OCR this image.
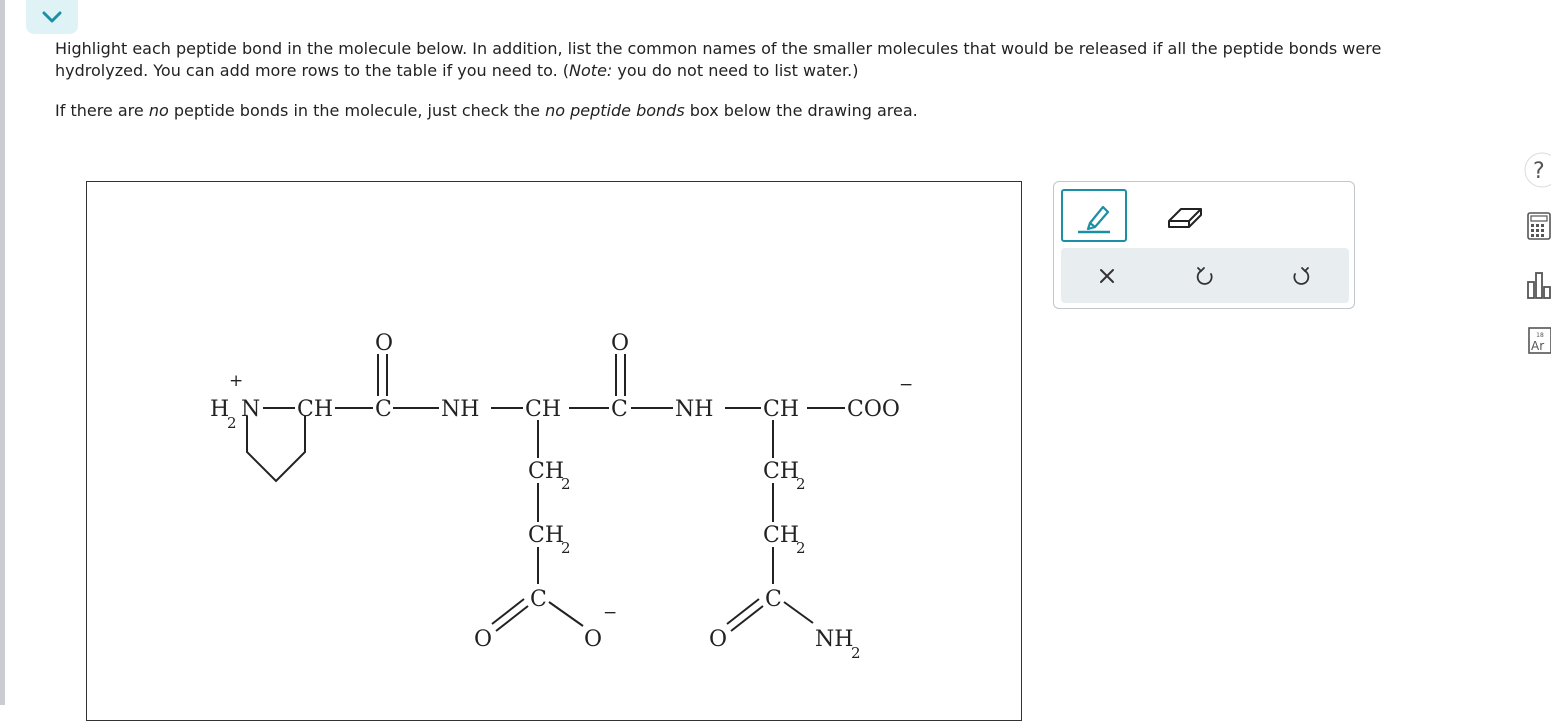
Highlight each peptide bond in the molecule below. In addition, list the common names of the smaller molecules that would be released if all the peptide bonds were hydrolyzed. You can add more rows to the table if you need to. (Note: you do not need to list water.)

If there are no peptide bonds in the molecule, just check the no peptide bonds box below the drawing area.

+	−
−
H
2
N CH C
O
NH CH C
O
NH CH COO
CH
2
CH
2
C
O	O
CH
2
CH
2
C
O	NH
2
?
18
Ar
